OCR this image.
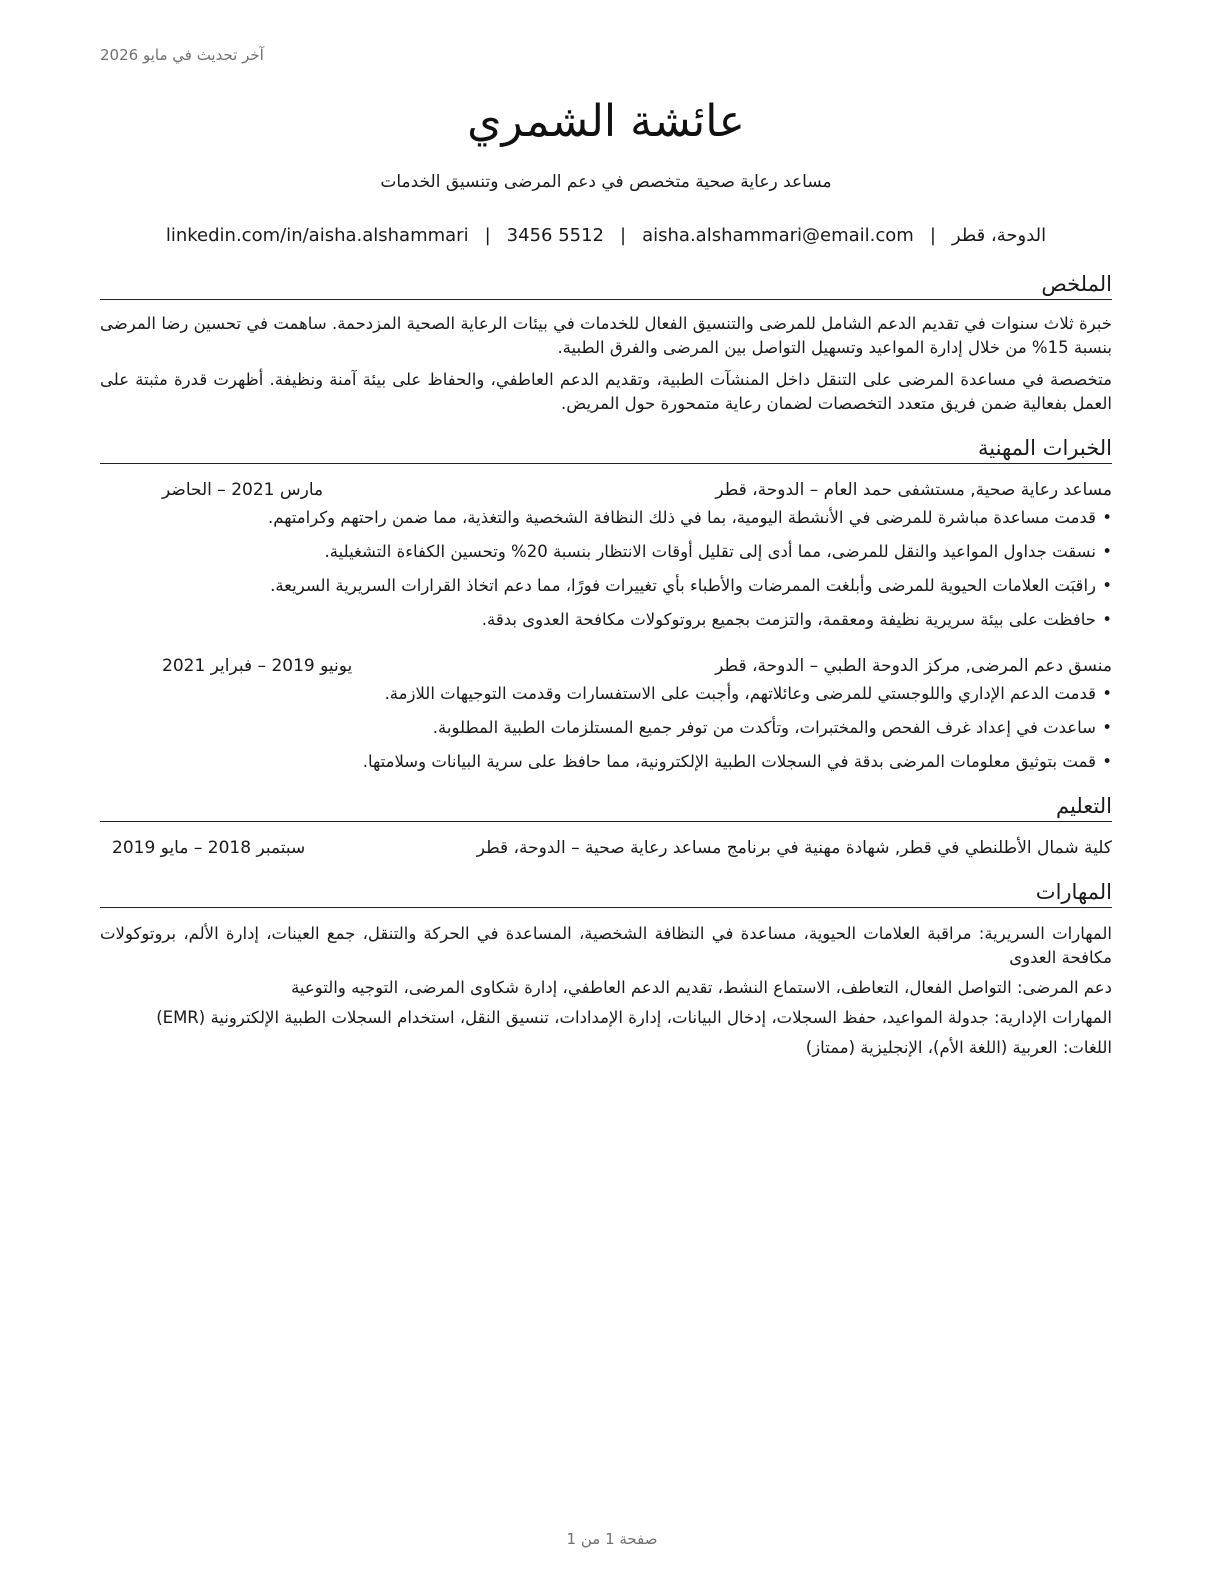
آخر تحديث في مايو 2026
عائشة الشمري
مساعد رعاية صحية متخصص في دعم المرضى وتنسيق الخدمات
الدوحة، قطر
|
aisha.alshammari@email.com
|
3456 5512
|
linkedin.com/in/aisha.alshammari
الملخص
خبرة ثلاث سنوات في تقديم الدعم الشامل للمرضى والتنسيق الفعال للخدمات في بيئات الرعاية الصحية المزدحمة. ساهمت في تحسين رضا المرضى بنسبة 15% من خلال إدارة المواعيد وتسهيل التواصل بين المرضى والفرق الطبية.
متخصصة في مساعدة المرضى على التنقل داخل المنشآت الطبية، وتقديم الدعم العاطفي، والحفاظ على بيئة آمنة ونظيفة. أظهرت قدرة مثبتة على العمل بفعالية ضمن فريق متعدد التخصصات لضمان رعاية متمحورة حول المريض.
الخبرات المهنية
مساعد رعاية صحية, مستشفى حمد العام – الدوحة، قطر
مارس 2021 – الحاضر
• قدمت مساعدة مباشرة للمرضى في الأنشطة اليومية، بما في ذلك النظافة الشخصية والتغذية، مما ضمن راحتهم وكرامتهم.
• نسقت جداول المواعيد والنقل للمرضى، مما أدى إلى تقليل أوقات الانتظار بنسبة 20% وتحسين الكفاءة التشغيلية.
• راقبَت العلامات الحيوية للمرضى وأبلغت الممرضات والأطباء بأي تغييرات فورًا، مما دعم اتخاذ القرارات السريرية السريعة.
• حافظت على بيئة سريرية نظيفة ومعقمة، والتزمت بجميع بروتوكولات مكافحة العدوى بدقة.
منسق دعم المرضى, مركز الدوحة الطبي – الدوحة، قطر
يونيو 2019 – فبراير 2021
• قدمت الدعم الإداري واللوجستي للمرضى وعائلاتهم، وأجبت على الاستفسارات وقدمت التوجيهات اللازمة.
• ساعدت في إعداد غرف الفحص والمختبرات، وتأكدت من توفر جميع المستلزمات الطبية المطلوبة.
• قمت بتوثيق معلومات المرضى بدقة في السجلات الطبية الإلكترونية، مما حافظ على سرية البيانات وسلامتها.
التعليم
كلية شمال الأطلنطي في قطر, شهادة مهنية في برنامج مساعد رعاية صحية – الدوحة، قطر
سبتمبر 2018 – مايو 2019
المهارات
المهارات السريرية: مراقبة العلامات الحيوية، مساعدة في النظافة الشخصية، المساعدة في الحركة والتنقل، جمع العينات، إدارة الألم، بروتوكولات مكافحة العدوى
دعم المرضى: التواصل الفعال، التعاطف، الاستماع النشط، تقديم الدعم العاطفي، إدارة شكاوى المرضى، التوجيه والتوعية
المهارات الإدارية: جدولة المواعيد، حفظ السجلات، إدخال البيانات، إدارة الإمدادات، تنسيق النقل، استخدام السجلات الطبية الإلكترونية (EMR)
اللغات: العربية (اللغة الأم)، الإنجليزية (ممتاز)
صفحة 1 من 1
